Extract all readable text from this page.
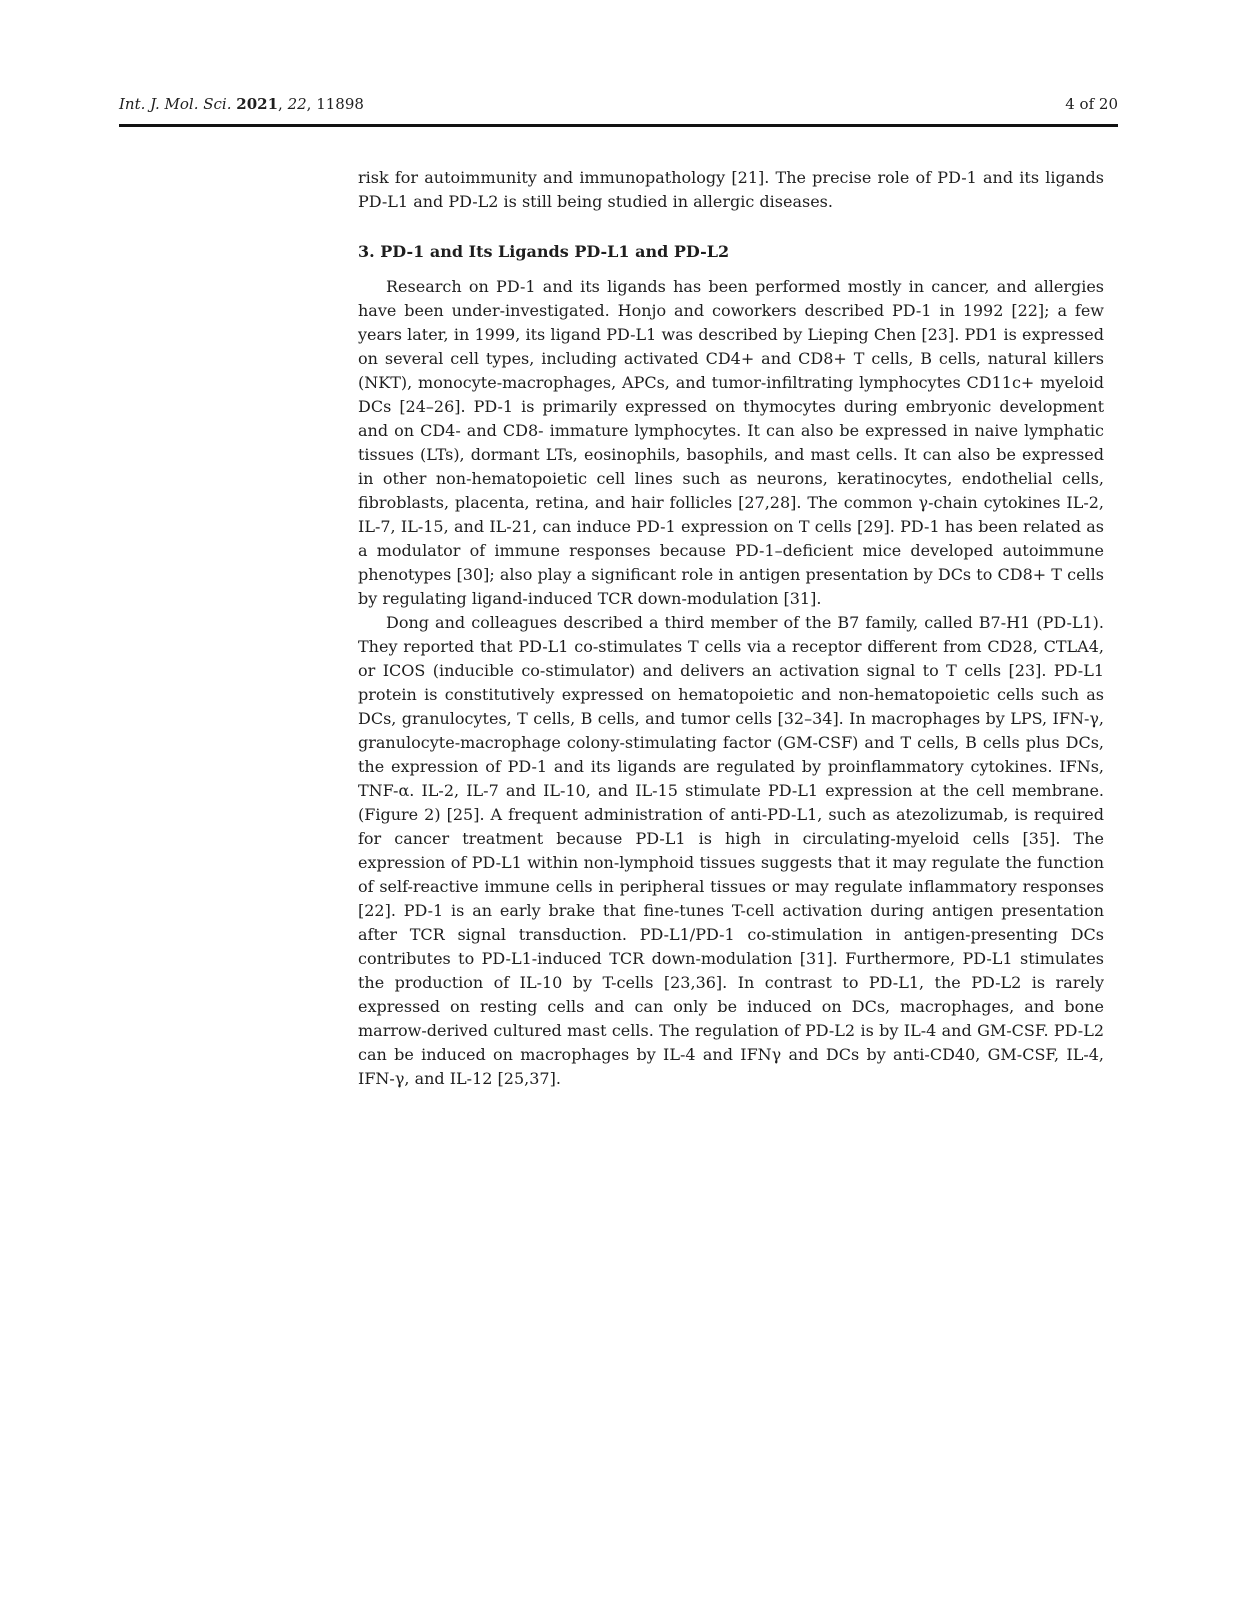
Int. J. Mol. Sci. 2021, 22, 11898	4 of 20

risk for autoimmunity and immunopathology [21]. The precise role of PD-1 and its ligands PD-L1 and PD-L2 is still being studied in allergic diseases.

3. PD-1 and Its Ligands PD-L1 and PD-L2

Research on PD-1 and its ligands has been performed mostly in cancer, and allergies have been under-investigated. Honjo and coworkers described PD-1 in 1992 [22]; a few years later, in 1999, its ligand PD-L1 was described by Lieping Chen [23]. PD1 is expressed on several cell types, including activated CD4+ and CD8+ T cells, B cells, natural killers (NKT), monocyte-macrophages, APCs, and tumor-infiltrating lymphocytes CD11c+ myeloid DCs [24–26]. PD-1 is primarily expressed on thymocytes during embryonic development and on CD4- and CD8- immature lymphocytes. It can also be expressed in naive lymphatic tissues (LTs), dormant LTs, eosinophils, basophils, and mast cells. It can also be expressed in other non-hematopoietic cell lines such as neurons, keratinocytes, endothelial cells, fibroblasts, placenta, retina, and hair follicles [27,28]. The common γ-chain cytokines IL-2, IL-7, IL-15, and IL-21, can induce PD-1 expression on T cells [29]. PD-1 has been related as a modulator of immune responses because PD-1–deficient mice developed autoimmune phenotypes [30]; also play a significant role in antigen presentation by DCs to CD8+ T cells by regulating ligand-induced TCR down-modulation [31].

Dong and colleagues described a third member of the B7 family, called B7-H1 (PD-L1). They reported that PD-L1 co-stimulates T cells via a receptor different from CD28, CTLA4, or ICOS (inducible co-stimulator) and delivers an activation signal to T cells [23]. PD-L1 protein is constitutively expressed on hematopoietic and non-hematopoietic cells such as DCs, granulocytes, T cells, B cells, and tumor cells [32–34]. In macrophages by LPS, IFN-γ, granulocyte-macrophage colony-stimulating factor (GM-CSF) and T cells, B cells plus DCs, the expression of PD-1 and its ligands are regulated by proinflammatory cytokines. IFNs, TNF-α. IL-2, IL-7 and IL-10, and IL-15 stimulate PD-L1 expression at the cell membrane. (Figure 2) [25]. A frequent administration of anti-PD-L1, such as atezolizumab, is required for cancer treatment because PD-L1 is high in circulating-myeloid cells [35]. The expression of PD-L1 within non-lymphoid tissues suggests that it may regulate the function of self-reactive immune cells in peripheral tissues or may regulate inflammatory responses [22]. PD-1 is an early brake that fine-tunes T-cell activation during antigen presentation after TCR signal transduction. PD-L1/PD-1 co-stimulation in antigen-presenting DCs contributes to PD-L1-induced TCR down-modulation [31]. Furthermore, PD-L1 stimulates the production of IL-10 by T-cells [23,36]. In contrast to PD-L1, the PD-L2 is rarely expressed on resting cells and can only be induced on DCs, macrophages, and bone marrow-derived cultured mast cells. The regulation of PD-L2 is by IL-4 and GM-CSF. PD-L2 can be induced on macrophages by IL-4 and IFNγ and DCs by anti-CD40, GM-CSF, IL-4, IFN-γ, and IL-12 [25,37].
